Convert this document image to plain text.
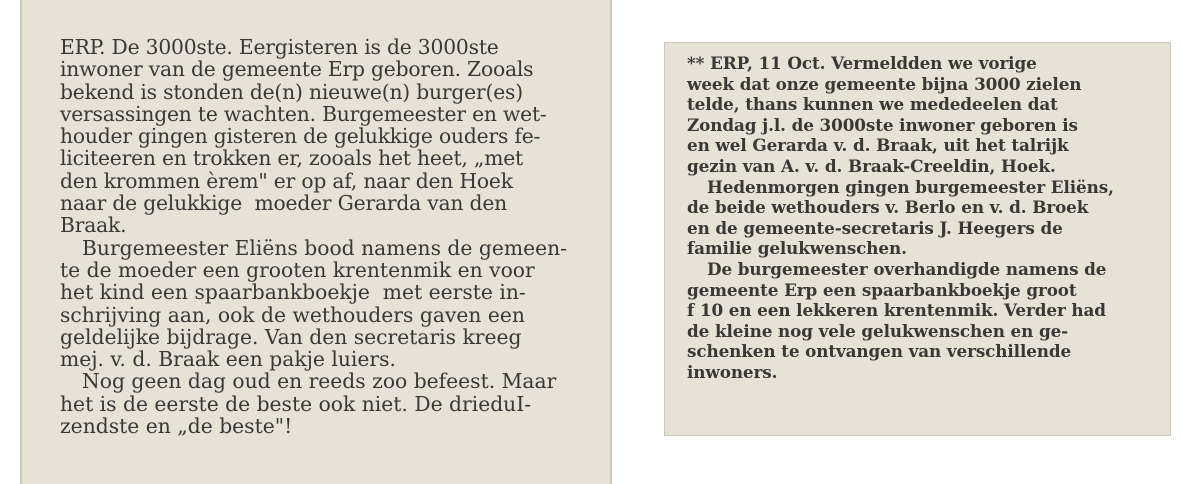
ERP. De 3000ste. Eergisteren is de 3000ste
inwoner van de gemeente Erp geboren. Zooals
bekend is stonden de(n) nieuwe(n) burger(es)
versassingen te wachten. Burgemeester en wet-
houder gingen gisteren de gelukkige ouders fe-
liciteeren en trokken er, zooals het heet, „met
den krommen èrem" er op af, naar den Hoek
naar de gelukkige  moeder Gerarda van den
Braak.

Burgemeester Eliëns bood namens de gemeen-
te de moeder een grooten krentenmik en voor
het kind een spaarbankboekje  met eerste in-
schrijving aan, ook de wethouders gaven een
geldelijke bijdrage. Van den secretaris kreeg
mej. v. d. Braak een pakje luiers.

Nog geen dag oud en reeds zoo befeest. Maar
het is de eerste de beste ook niet. De drieduI-
zendste en „de beste"!

** ERP, 11 Oct. Vermeldden we vorige
week dat onze gemeente bijna 3000 zielen
telde, thans kunnen we mededeelen dat
Zondag j.l. de 3000ste inwoner geboren is
en wel Gerarda v. d. Braak, uit het talrijk
gezin van A. v. d. Braak-Creeldin, Hoek.

Hedenmorgen gingen burgemeester Eliëns,
de beide wethouders v. Berlo en v. d. Broek
en de gemeente-secretaris J. Heegers de
familie gelukwenschen.

De burgemeester overhandigde namens de
gemeente Erp een spaarbankboekje groot
f 10 en een lekkeren krentenmik. Verder had
de kleine nog vele gelukwenschen en ge-
schenken te ontvangen van verschillende
inwoners.
